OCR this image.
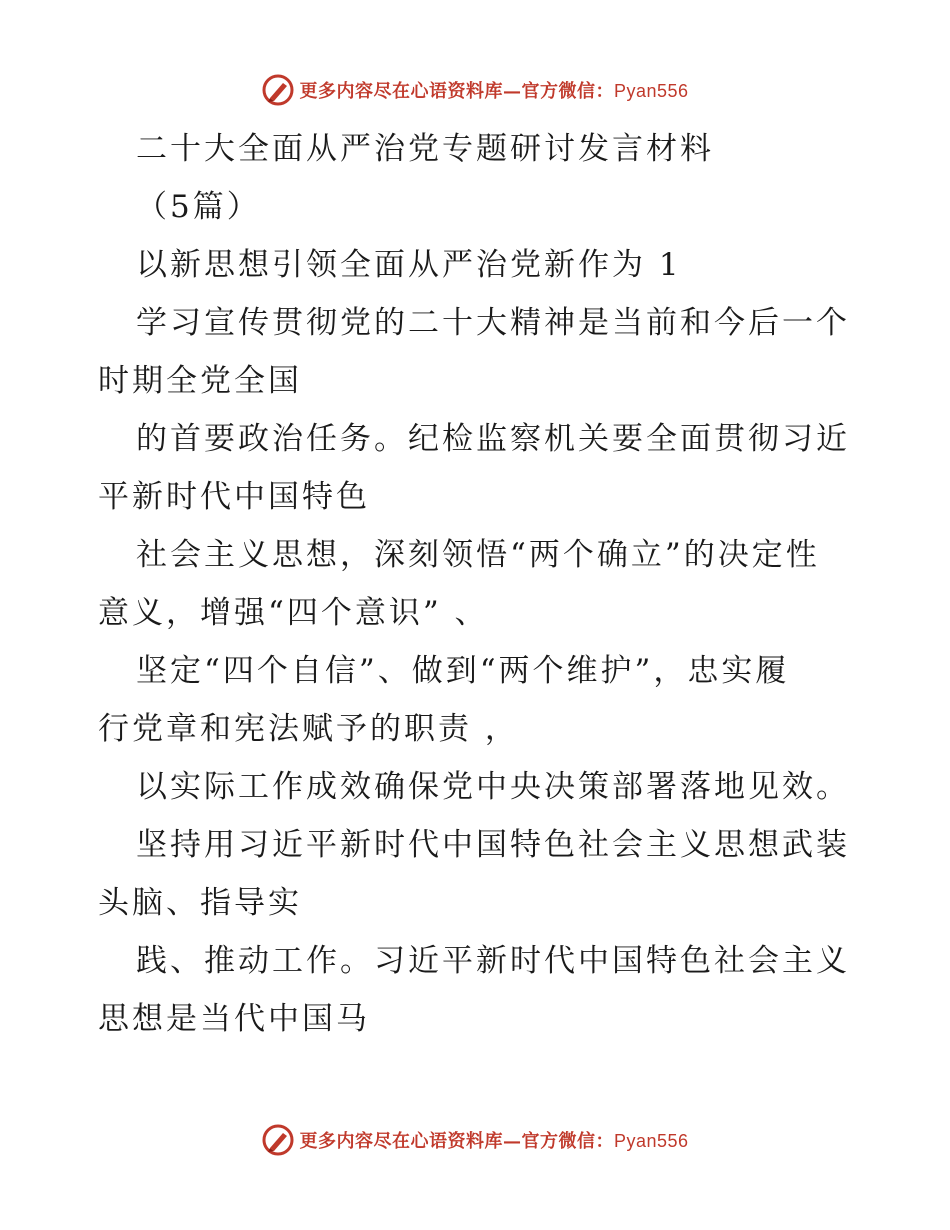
更多内容尽在心语资料库—官方微信：Pyan556
二十大全面从严治党专题研讨发言材料
（5篇）
以新思想引领全面从严治党新作为 1
学习宣传贯彻党的二十大精神是当前和今后一个
时期全党全国
的首要政治任务。纪检监察机关要全面贯彻习近
平新时代中国特色
社会主义思想，深刻领悟“两个确立”的决定性
意义，增强“四个意识” 、
坚定“四个自信”、做到“两个维护”，忠实履
行党章和宪法赋予的职责 ，
以实际工作成效确保党中央决策部署落地见效。
坚持用习近平新时代中国特色社会主义思想武装
头脑、指导实
践、推动工作。习近平新时代中国特色社会主义
思想是当代中国马
更多内容尽在心语资料库—官方微信：Pyan556
